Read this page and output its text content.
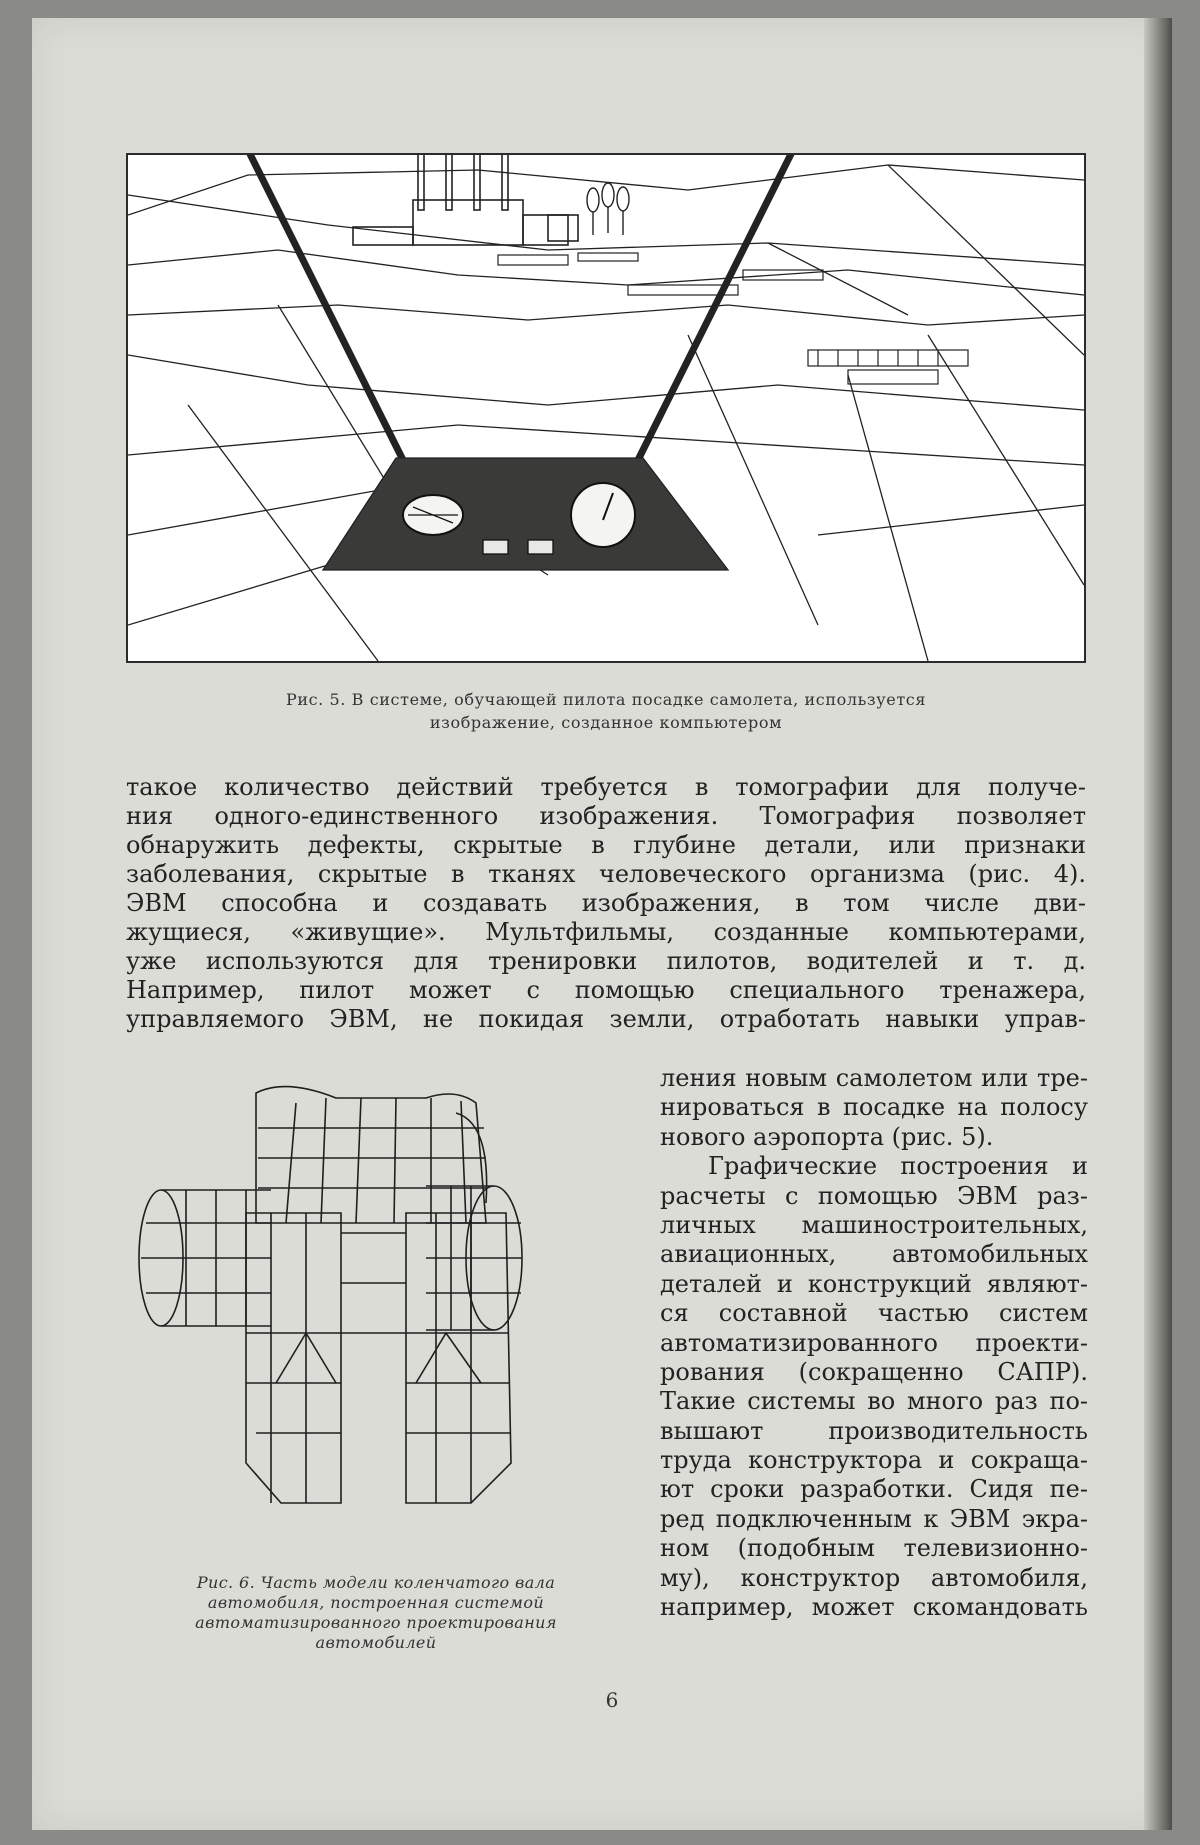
Рис. 5. В системе, обучающей пилота посадке самолета, используется
изображение, созданное компьютером
такое количество действий требуется в томографии для получе-
ния одного-единственного изображения. Томография позволяет
обнаружить дефекты, скрытые в глубине детали, или признаки
заболевания, скрытые в тканях человеческого организма (рис. 4).
ЭВМ способна и создавать изображения, в том числе дви-
жущиеся, «живущие». Мультфильмы, созданные компьютерами,
уже используются для тренировки пилотов, водителей и т. д.
Например, пилот может с помощью специального тренажера,
управляемого ЭВМ, не покидая земли, отработать навыки управ-
Рис. 6. Часть модели коленчатого вала
автомобиля, построенная системой
автоматизированного проектирования
автомобилей
ления новым самолетом или тре-
нироваться в посадке на полосу
нового аэропорта (рис. 5).
Графические построения и
расчеты с помощью ЭВМ раз-
личных машиностроительных,
авиационных, автомобильных
деталей и конструкций являют-
ся составной частью систем
автоматизированного проекти-
рования (сокращенно САПР).
Такие системы во много раз по-
вышают производительность
труда конструктора и сокраща-
ют сроки разработки. Сидя пе-
ред подключенным к ЭВМ экра-
ном (подобным телевизионно-
му), конструктор автомобиля,
например, может скомандовать
6
